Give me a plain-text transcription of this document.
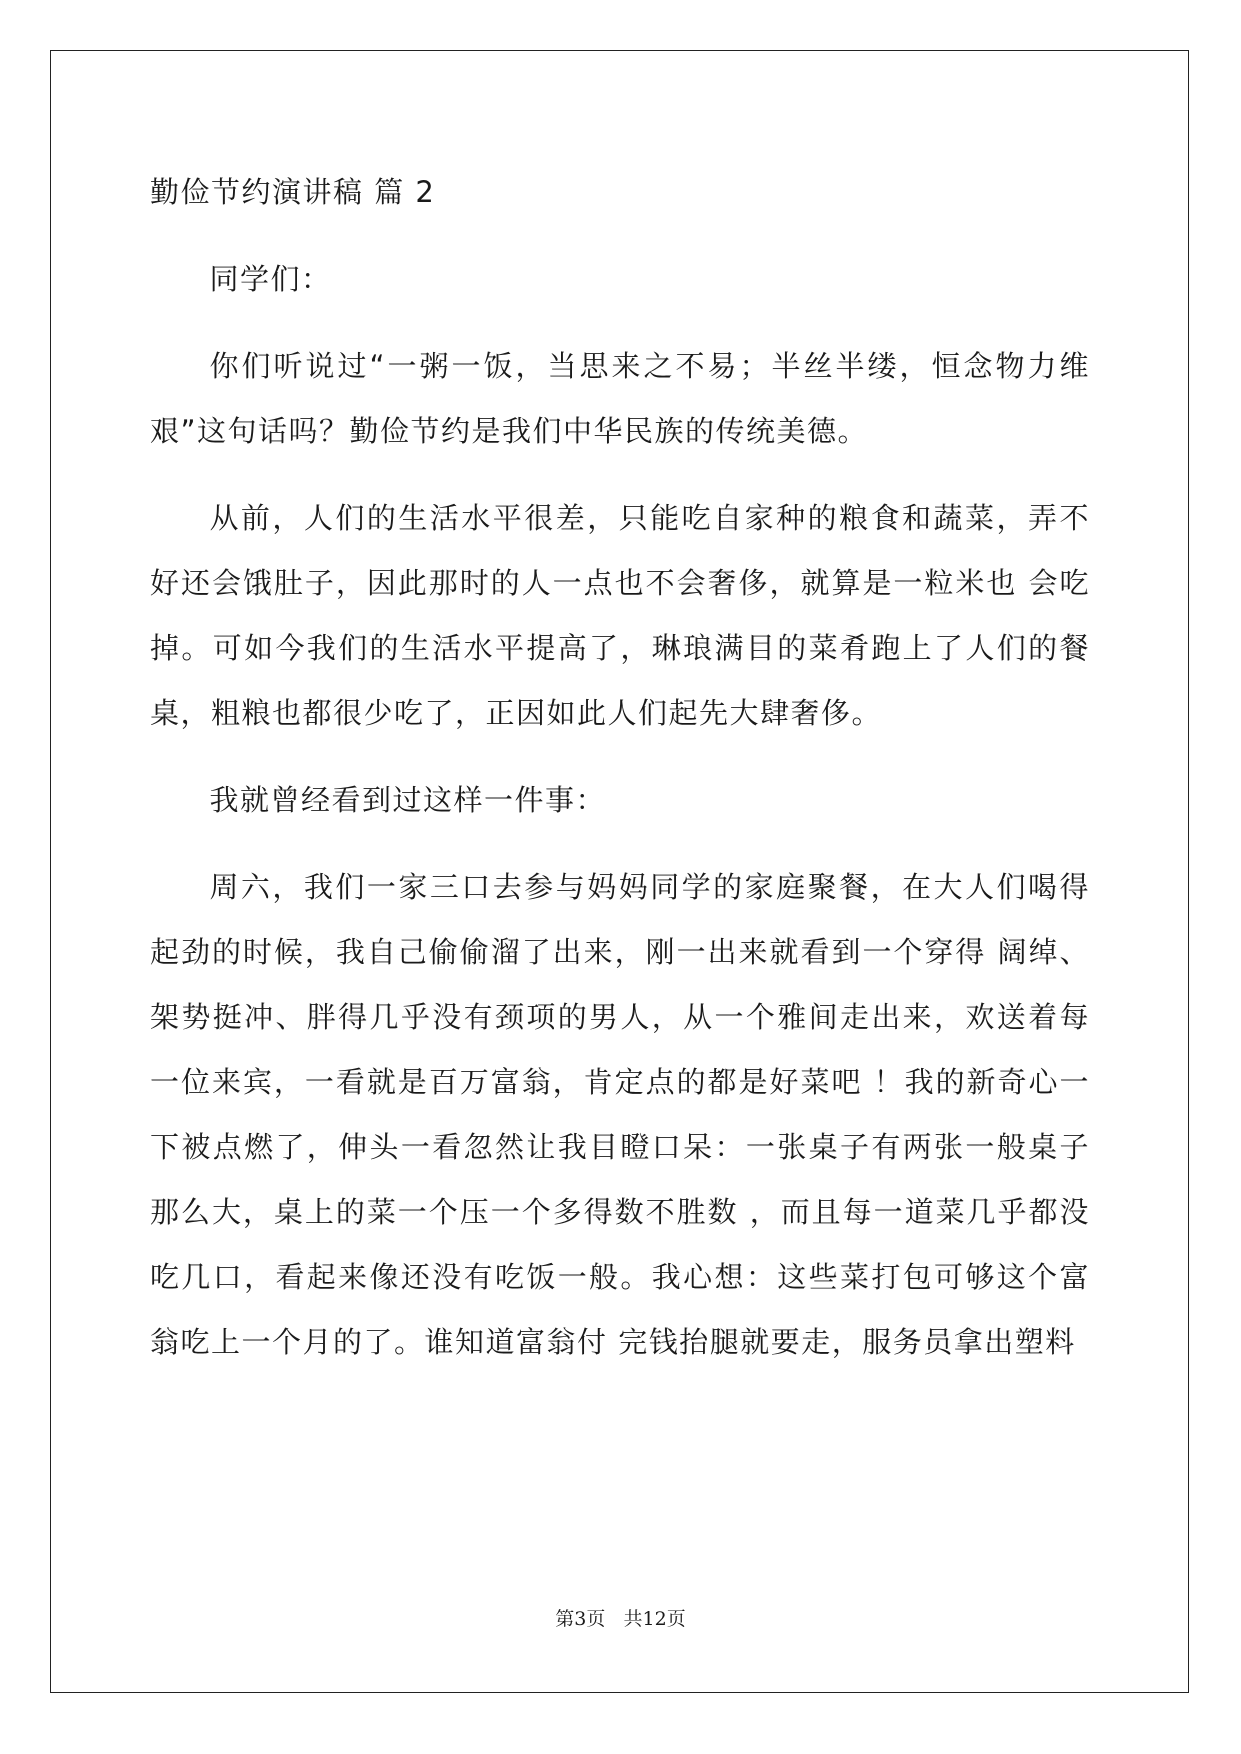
勤俭节约演讲稿 篇 2

同学们：

你们听说过“一粥一饭，当思来之不易；半丝半缕，恒念物力维艰”这句话吗？勤俭节约是我们中华民族的传统美德。

从前，人们的生活水平很差，只能吃自家种的粮食和蔬菜，弄不好还会饿肚子，因此那时的人一点也不会奢侈，就算是一粒米也 会吃掉。可如今我们的生活水平提高了，琳琅满目的菜肴跑上了人们的餐桌，粗粮也都很少吃了，正因如此人们起先大肆奢侈。

我就曾经看到过这样一件事：

周六，我们一家三口去参与妈妈同学的家庭聚餐，在大人们喝得起劲的时候，我自己偷偷溜了出来，刚一出来就看到一个穿得 阔绰、架势挺冲、胖得几乎没有颈项的男人，从一个雅间走出来，欢送着每一位来宾，一看就是百万富翁，肯定点的都是好菜吧 ！我的新奇心一下被点燃了，伸头一看忽然让我目瞪口呆：一张桌子有两张一般桌子那么大，桌上的菜一个压一个多得数不胜数 ，而且每一道菜几乎都没吃几口，看起来像还没有吃饭一般。我心想：这些菜打包可够这个富翁吃上一个月的了。谁知道富翁付 完钱抬腿就要走，服务员拿出塑料

第3页 共12页
